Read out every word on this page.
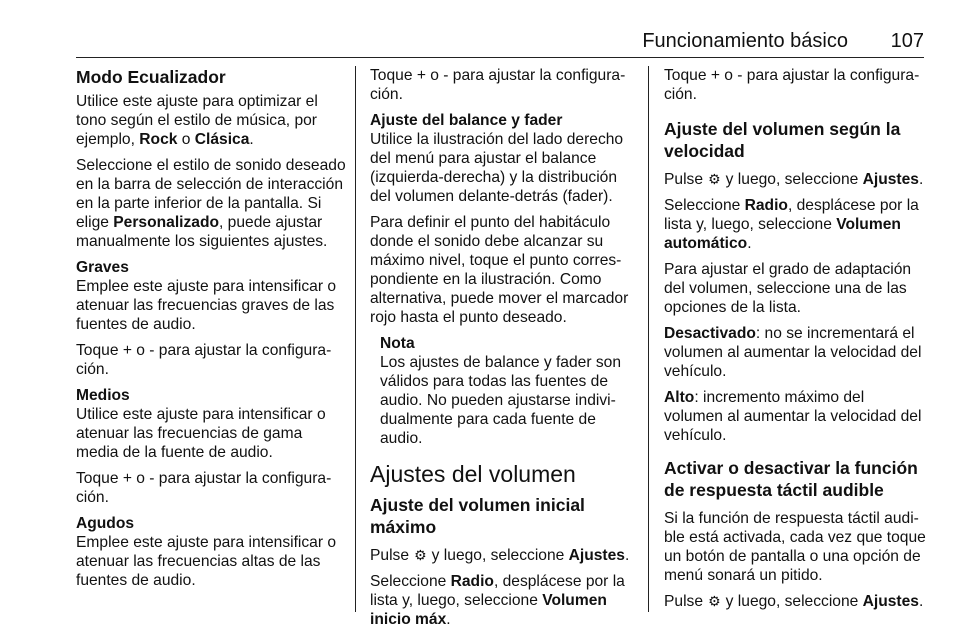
Funcionamiento básico 107
Modo Ecualizador

Utilice este ajuste para optimizar el tono según el estilo de música, por ejemplo, Rock o Clásica.

Seleccione el estilo de sonido deseado en la barra de selección de interacción en la parte inferior de la pantalla. Si elige Personalizado, puede ajustar manualmente los siguientes ajustes.

Graves

Emplee este ajuste para intensificar o atenuar las frecuencias graves de las fuentes de audio.

Toque + o - para ajustar la configura- ción.

Medios

Utilice este ajuste para intensificar o atenuar las frecuencias de gama media de la fuente de audio.

Toque + o - para ajustar la configura- ción.

Agudos

Emplee este ajuste para intensificar o atenuar las frecuencias altas de las fuentes de audio.

Toque + o - para ajustar la configura- ción.

Ajuste del balance y fader

Utilice la ilustración del lado derecho del menú para ajustar el balance (izquierda-derecha) y la distribución del volumen delante-detrás (fader).

Para definir el punto del habitáculo donde el sonido debe alcanzar su máximo nivel, toque el punto corres- pondiente en la ilustración. Como alternativa, puede mover el marcador rojo hasta el punto deseado.

Nota

Los ajustes de balance y fader son válidos para todas las fuentes de audio. No pueden ajustarse indivi- dualmente para cada fuente de audio.

Ajustes del volumen
Ajuste del volumen inicial máximo

Pulse ⚙ y luego, seleccione Ajustes.

Seleccione Radio, desplácese por la lista y, luego, seleccione Volumen inicio máx.

Toque + o - para ajustar la configura- ción.

Ajuste del volumen según la velocidad

Pulse ⚙ y luego, seleccione Ajustes.

Seleccione Radio, desplácese por la lista y, luego, seleccione Volumen automático.

Para ajustar el grado de adaptación del volumen, seleccione una de las opciones de la lista.

Desactivado: no se incrementará el volumen al aumentar la velocidad del vehículo.

Alto: incremento máximo del volumen al aumentar la velocidad del vehículo.

Activar o desactivar la función de respuesta táctil audible

Si la función de respuesta táctil audi- ble está activada, cada vez que toque un botón de pantalla o una opción de menú sonará un pitido.

Pulse ⚙ y luego, seleccione Ajustes.
